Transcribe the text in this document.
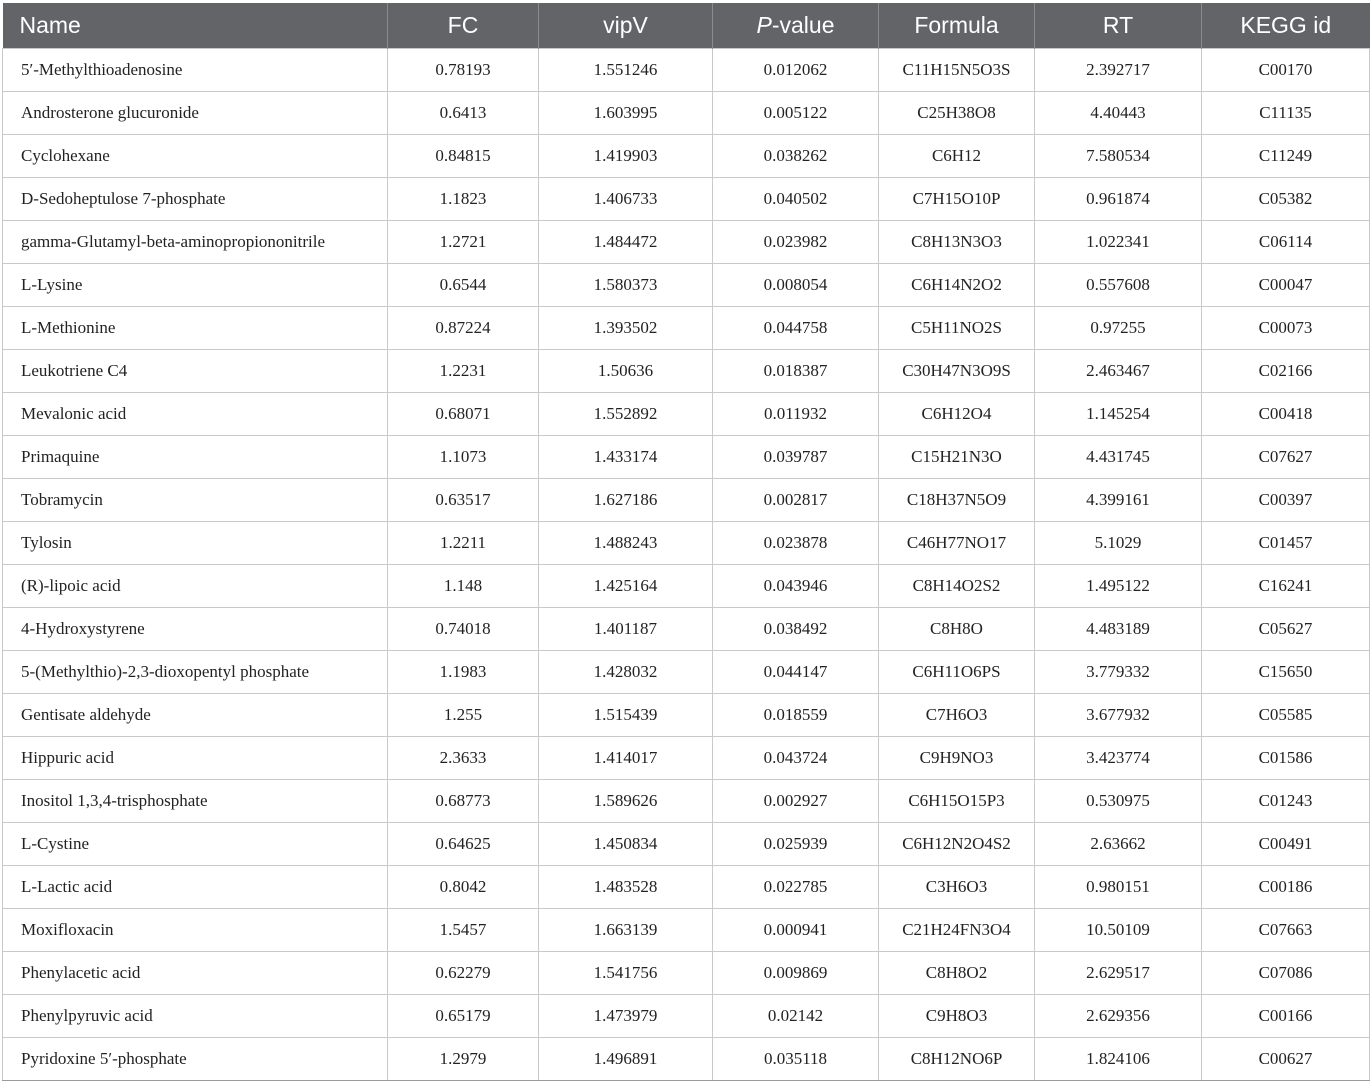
Name	FC	vipV	P-value	Formula	RT	KEGG id
5′-Methylthioadenosine	0.78193	1.551246	0.012062	C11H15N5O3S	2.392717	C00170
Androsterone glucuronide	0.6413	1.603995	0.005122	C25H38O8	4.40443	C11135
Cyclohexane	0.84815	1.419903	0.038262	C6H12	7.580534	C11249
D-Sedoheptulose 7-phosphate	1.1823	1.406733	0.040502	C7H15O10P	0.961874	C05382
gamma-Glutamyl-beta-aminopropiononitrile	1.2721	1.484472	0.023982	C8H13N3O3	1.022341	C06114
L-Lysine	0.6544	1.580373	0.008054	C6H14N2O2	0.557608	C00047
L-Methionine	0.87224	1.393502	0.044758	C5H11NO2S	0.97255	C00073
Leukotriene C4	1.2231	1.50636	0.018387	C30H47N3O9S	2.463467	C02166
Mevalonic acid	0.68071	1.552892	0.011932	C6H12O4	1.145254	C00418
Primaquine	1.1073	1.433174	0.039787	C15H21N3O	4.431745	C07627
Tobramycin	0.63517	1.627186	0.002817	C18H37N5O9	4.399161	C00397
Tylosin	1.2211	1.488243	0.023878	C46H77NO17	5.1029	C01457
(R)-lipoic acid	1.148	1.425164	0.043946	C8H14O2S2	1.495122	C16241
4-Hydroxystyrene	0.74018	1.401187	0.038492	C8H8O	4.483189	C05627
5-(Methylthio)-2,3-dioxopentyl phosphate	1.1983	1.428032	0.044147	C6H11O6PS	3.779332	C15650
Gentisate aldehyde	1.255	1.515439	0.018559	C7H6O3	3.677932	C05585
Hippuric acid	2.3633	1.414017	0.043724	C9H9NO3	3.423774	C01586
Inositol 1,3,4-trisphosphate	0.68773	1.589626	0.002927	C6H15O15P3	0.530975	C01243
L-Cystine	0.64625	1.450834	0.025939	C6H12N2O4S2	2.63662	C00491
L-Lactic acid	0.8042	1.483528	0.022785	C3H6O3	0.980151	C00186
Moxifloxacin	1.5457	1.663139	0.000941	C21H24FN3O4	10.50109	C07663
Phenylacetic acid	0.62279	1.541756	0.009869	C8H8O2	2.629517	C07086
Phenylpyruvic acid	0.65179	1.473979	0.02142	C9H8O3	2.629356	C00166
Pyridoxine 5′-phosphate	1.2979	1.496891	0.035118	C8H12NO6P	1.824106	C00627
